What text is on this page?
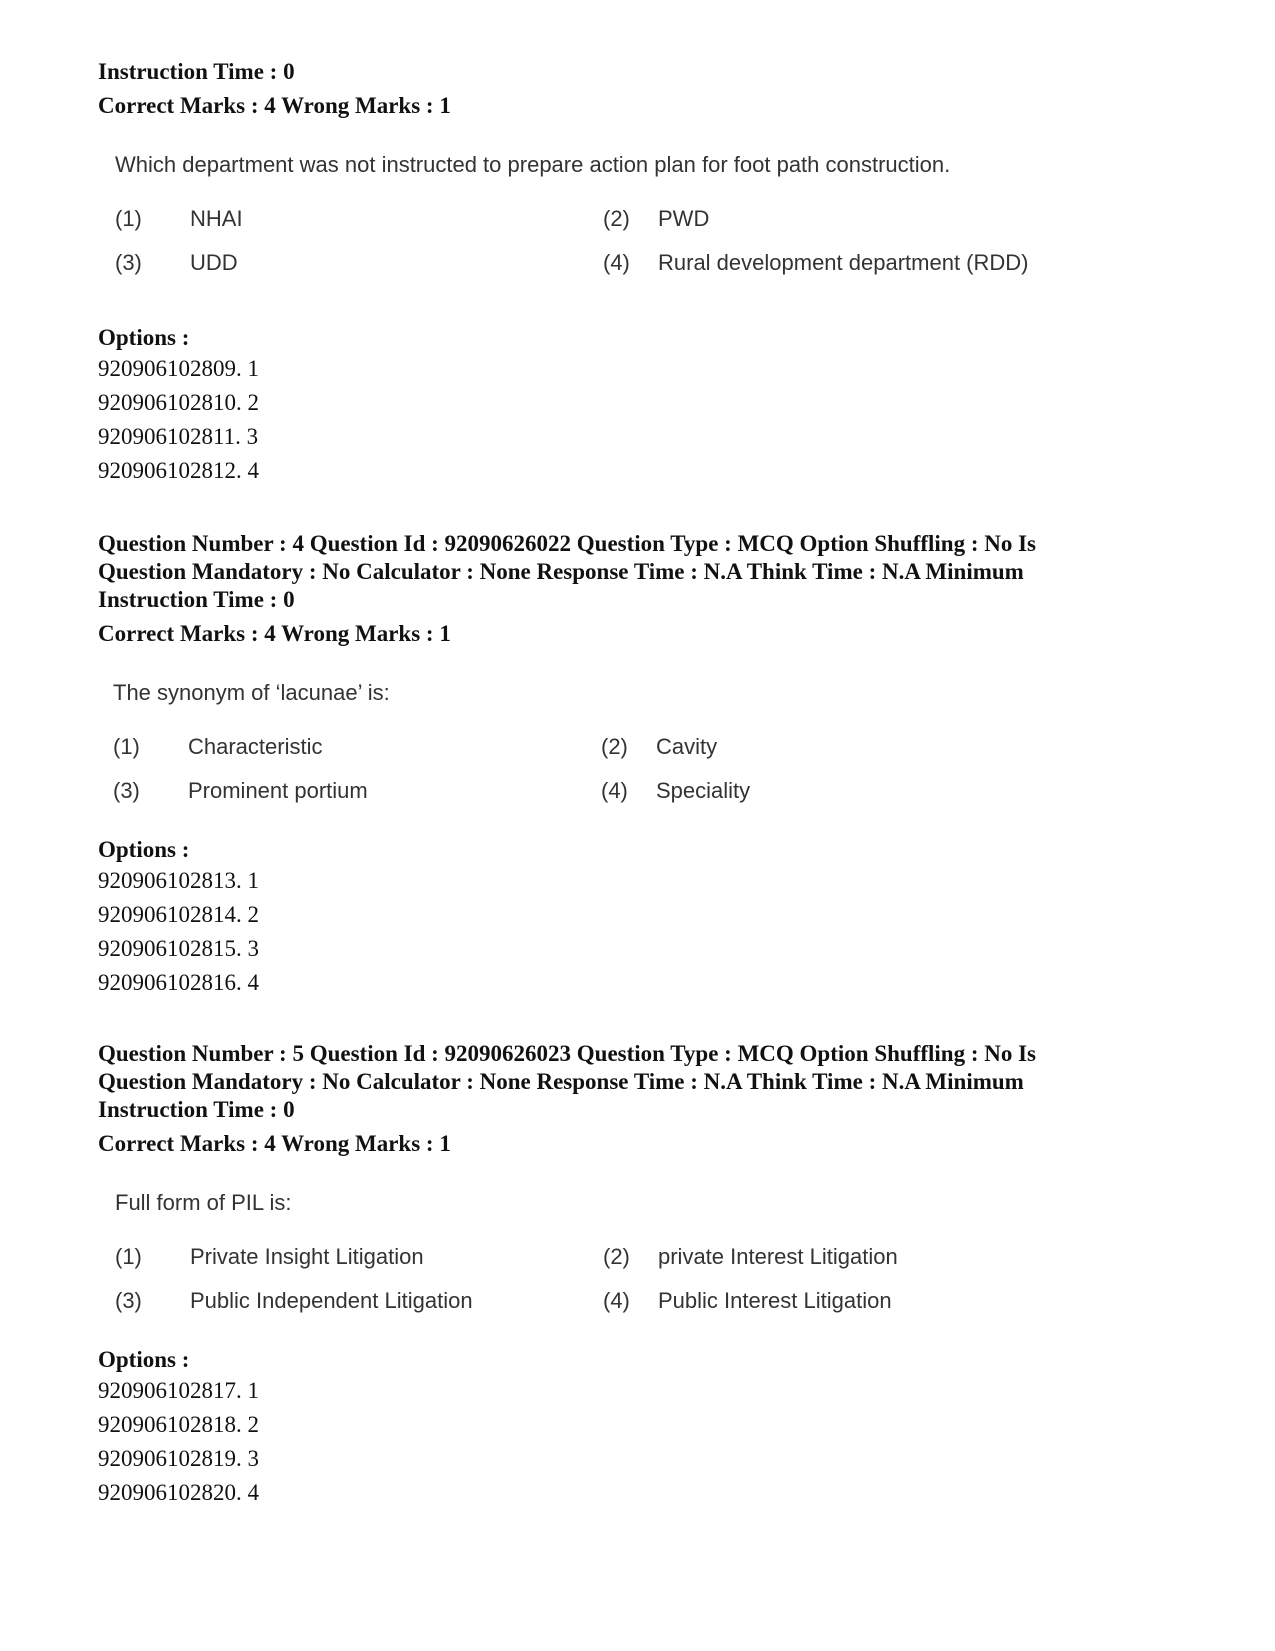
Instruction Time : 0

Correct Marks : 4 Wrong Marks : 1

Which department was not instructed to prepare action plan for foot path construction.
(1)	NHAI	(2)	PWD
(3)	UDD	(4)	Rural development department (RDD)

Options :

920906102809. 1

920906102810. 2

920906102811. 3

920906102812. 4

Question Number : 4 Question Id : 92090626022 Question Type : MCQ Option Shuffling : No Is

Question Mandatory : No Calculator : None Response Time : N.A Think Time : N.A Minimum

Instruction Time : 0

Correct Marks : 4 Wrong Marks : 1

The synonym of ‘lacunae’ is:
(1)	Characteristic	(2)	Cavity
(3)	Prominent portium	(4)	Speciality

Options :

920906102813. 1

920906102814. 2

920906102815. 3

920906102816. 4

Question Number : 5 Question Id : 92090626023 Question Type : MCQ Option Shuffling : No Is

Question Mandatory : No Calculator : None Response Time : N.A Think Time : N.A Minimum

Instruction Time : 0

Correct Marks : 4 Wrong Marks : 1

Full form of PIL is:
(1)	Private Insight Litigation	(2)	private Interest Litigation
(3)	Public Independent Litigation	(4)	Public Interest Litigation

Options :

920906102817. 1

920906102818. 2

920906102819. 3

920906102820. 4
